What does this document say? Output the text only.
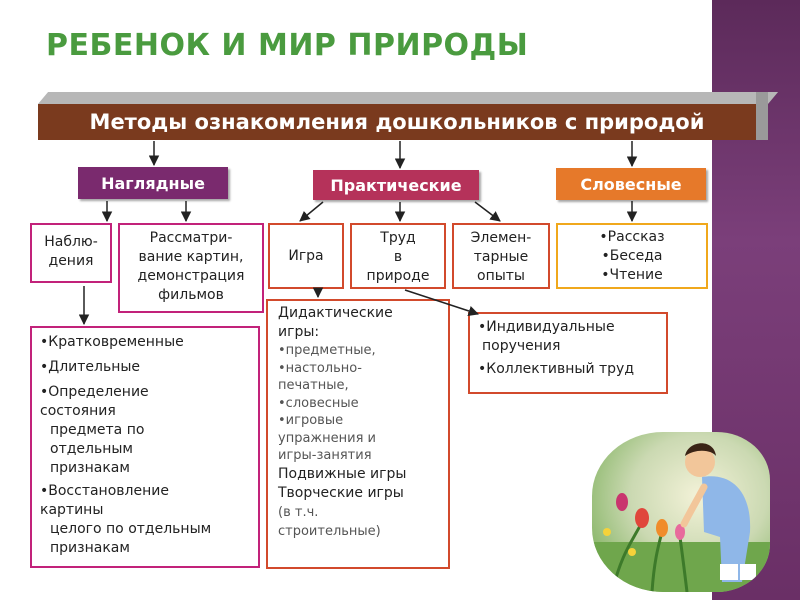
РЕБЕНОК И МИР ПРИРОДЫ
Методы ознакомления дошкольников с природой
Наглядные	Практические	Словесные
Наблю-
дения
Рассматри-
вание картин,
демонстрация
фильмов
•Кратковременные
•Длительные
•Определение
состояния
предмета по
отдельным
признакам
•Восстановление
картины
целого по отдельным
признакам
Игра
Труд
в
природе
Элемен-
тарные
опыты
Дидактические
игры:
•предметные,
•настольно-
печатные,
•словесные
•игровые
упражнения и
игры-занятия
Подвижные игры
Творческие игры
(в т.ч.
строительные)
•Индивидуальные
поручения
•Коллективный труд
•Рассказ
•Беседа
•Чтение
